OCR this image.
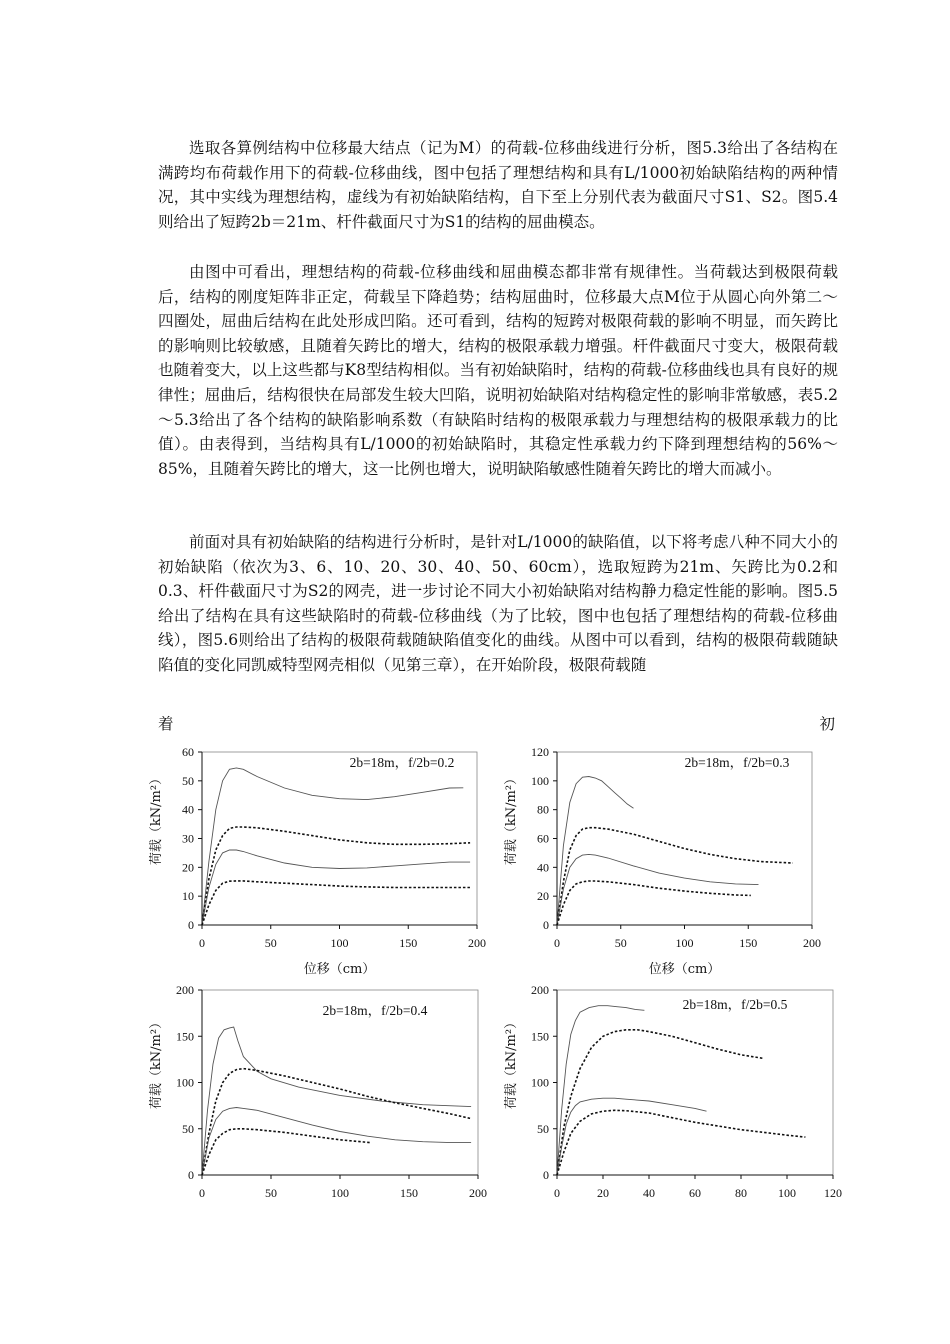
选取各算例结构中位移最大结点（记为M）的荷载-位移曲线进行分析，图5.3给出了各结构在满跨均布荷载作用下的荷载-位移曲线，图中包括了理想结构和具有L/1000初始缺陷结构的两种情况，其中实线为理想结构，虚线为有初始缺陷结构，自下至上分别代表为截面尺寸S1、S2。图5.4则给出了短跨2b＝21m、杆件截面尺寸为S1的结构的屈曲模态。

由图中可看出，理想结构的荷载-位移曲线和屈曲模态都非常有规律性。当荷载达到极限荷载后，结构的刚度矩阵非正定，荷载呈下降趋势；结构屈曲时，位移最大点M位于从圆心向外第二～四圈处，屈曲后结构在此处形成凹陷。还可看到，结构的短跨对极限荷载的影响不明显，而矢跨比的影响则比较敏感，且随着矢跨比的增大，结构的极限承载力增强。杆件截面尺寸变大，极限荷载也随着变大，以上这些都与K8型结构相似。当有初始缺陷时，结构的荷载-位移曲线也具有良好的规律性；屈曲后，结构很快在局部发生较大凹陷，说明初始缺陷对结构稳定性的影响非常敏感，表5.2～5.3给出了各个结构的缺陷影响系数（有缺陷时结构的极限承载力与理想结构的极限承载力的比值）。由表得到，当结构具有L/1000的初始缺陷时，其稳定性承载力约下降到理想结构的56%～85%，且随着矢跨比的增大，这一比例也增大，说明缺陷敏感性随着矢跨比的增大而减小。

前面对具有初始缺陷的结构进行分析时，是针对L/1000的缺陷值，以下将考虑八种不同大小的初始缺陷（依次为3、6、10、20、30、40、50、60cm），选取短跨为21m、矢跨比为0.2和0.3、杆件截面尺寸为S2的网壳，进一步讨论不同大小初始缺陷对结构静力稳定性能的影响。图5.5给出了结构在具有这些缺陷时的荷载-位移曲线（为了比较，图中也包括了理想结构的荷载-位移曲线），图5.6则给出了结构的极限荷载随缺陷值变化的曲线。从图中可以看到，结构的极限荷载随缺陷值的变化同凯威特型网壳相似（见第三章），在开始阶段，极限荷载随

着	初
0
10
20
30
40
50
60
0	50	100	150	200
荷载（kN/m²）
位移（cm）
2b=18m，f/2b=0.2
0
20
40
60
80
100
120
0	50	100	150	200
荷载（kN/m²）
位移（cm）
2b=18m，f/2b=0.3
0
50
100
150
200
0	50	100	150	200
荷载（kN/m²）
2b=18m，f/2b=0.4
0
50
100
150
200
0	20	40	60	80	100 120
荷载（kN/m²）
2b=18m，f/2b=0.5
